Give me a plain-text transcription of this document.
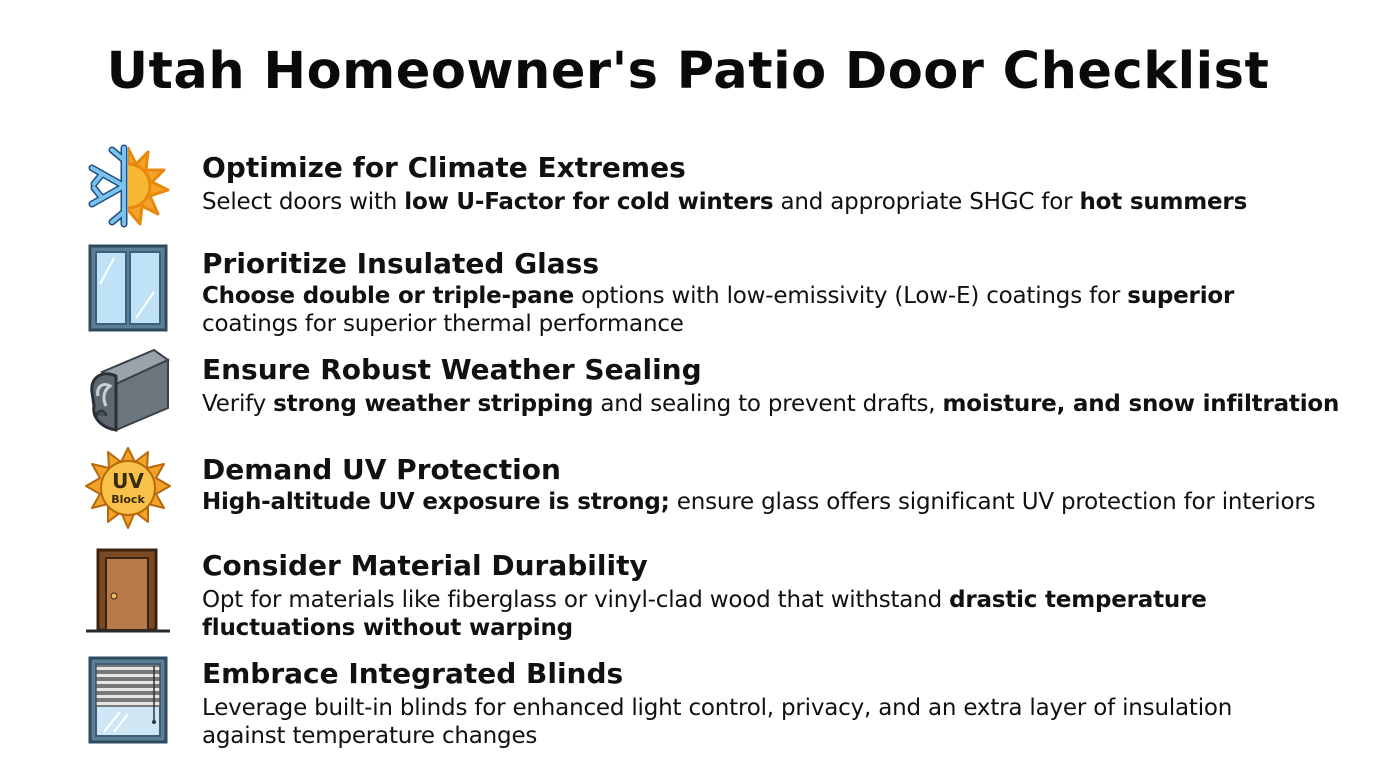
Utah Homeowner's Patio Door Checklist
Optimize for Climate Extremes
Select doors with low U-Factor for cold winters and appropriate SHGC for hot summers
Prioritize Insulated Glass
Choose double or triple-pane options with low-emissivity (Low-E) coatings for superior
coatings for superior thermal performance
Ensure Robust Weather Sealing
Verify strong weather stripping and sealing to prevent drafts, moisture, and snow infiltration
UV
Block
Demand UV Protection
High-altitude UV exposure is strong; ensure glass offers significant UV protection for interiors
Consider Material Durability
Opt for materials like fiberglass or vinyl-clad wood that withstand drastic temperature
fluctuations without warping
Embrace Integrated Blinds
Leverage built-in blinds for enhanced light control, privacy, and an extra layer of insulation
against temperature changes
